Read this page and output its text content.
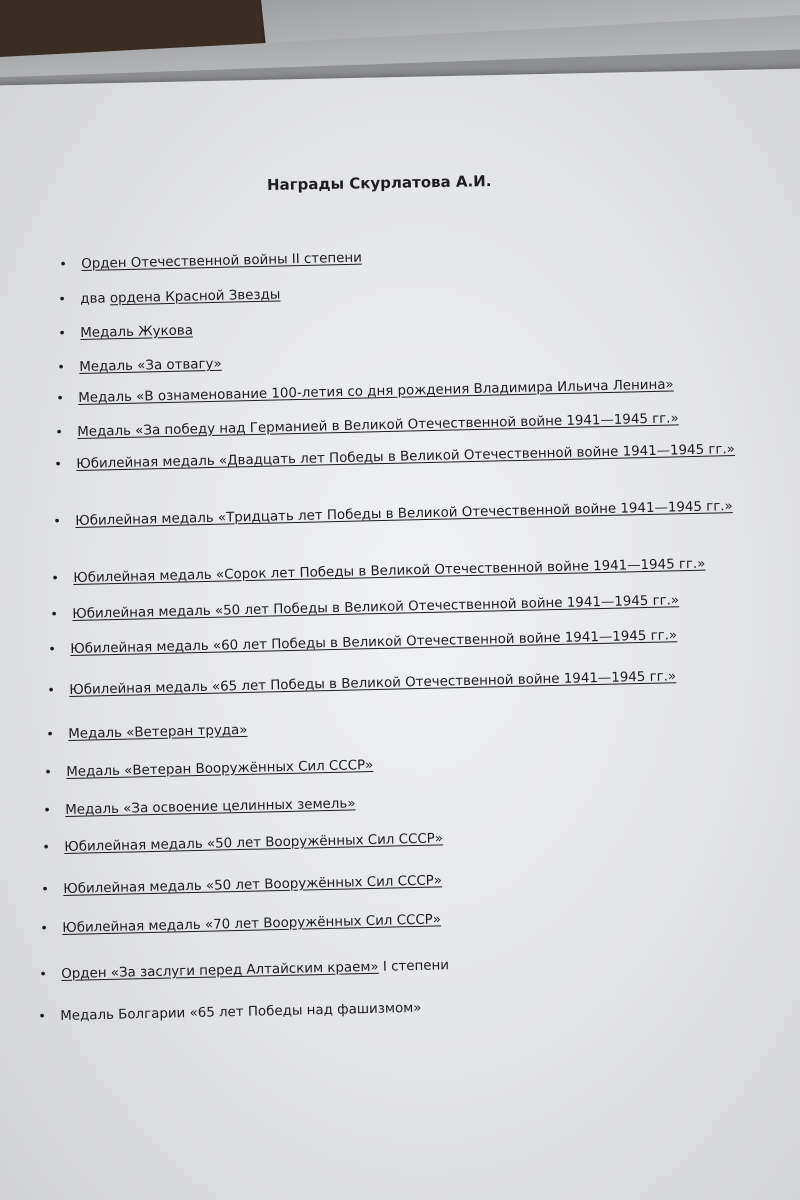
Награды Скурлатова А.И.
• Орден Отечественной войны II степени
• два ордена Красной Звезды
• Медаль Жукова
• Медаль «За отвагу»
• Медаль «В ознаменование 100-летия со дня рождения Владимира Ильича Ленина»
• Медаль «За победу над Германией в Великой Отечественной войне 1941—1945 гг.»
• Юбилейная медаль «Двадцать лет Победы в Великой Отечественной войне 1941—1945 гг.»
• Юбилейная медаль «Тридцать лет Победы в Великой Отечественной войне 1941—1945 гг.»
• Юбилейная медаль «Сорок лет Победы в Великой Отечественной войне 1941—1945 гг.»
• Юбилейная медаль «50 лет Победы в Великой Отечественной войне 1941—1945 гг.»
• Юбилейная медаль «60 лет Победы в Великой Отечественной войне 1941—1945 гг.»
• Юбилейная медаль «65 лет Победы в Великой Отечественной войне 1941—1945 гг.»
• Медаль «Ветеран труда»
• Медаль «Ветеран Вооружённых Сил СССР»
• Медаль «За освоение целинных земель»
• Юбилейная медаль «50 лет Вооружённых Сил СССР»
• Юбилейная медаль «50 лет Вооружённых Сил СССР»
• Юбилейная медаль «70 лет Вооружённых Сил СССР»
• Орден «За заслуги перед Алтайским краем» I степени
• Медаль Болгарии «65 лет Победы над фашизмом»
